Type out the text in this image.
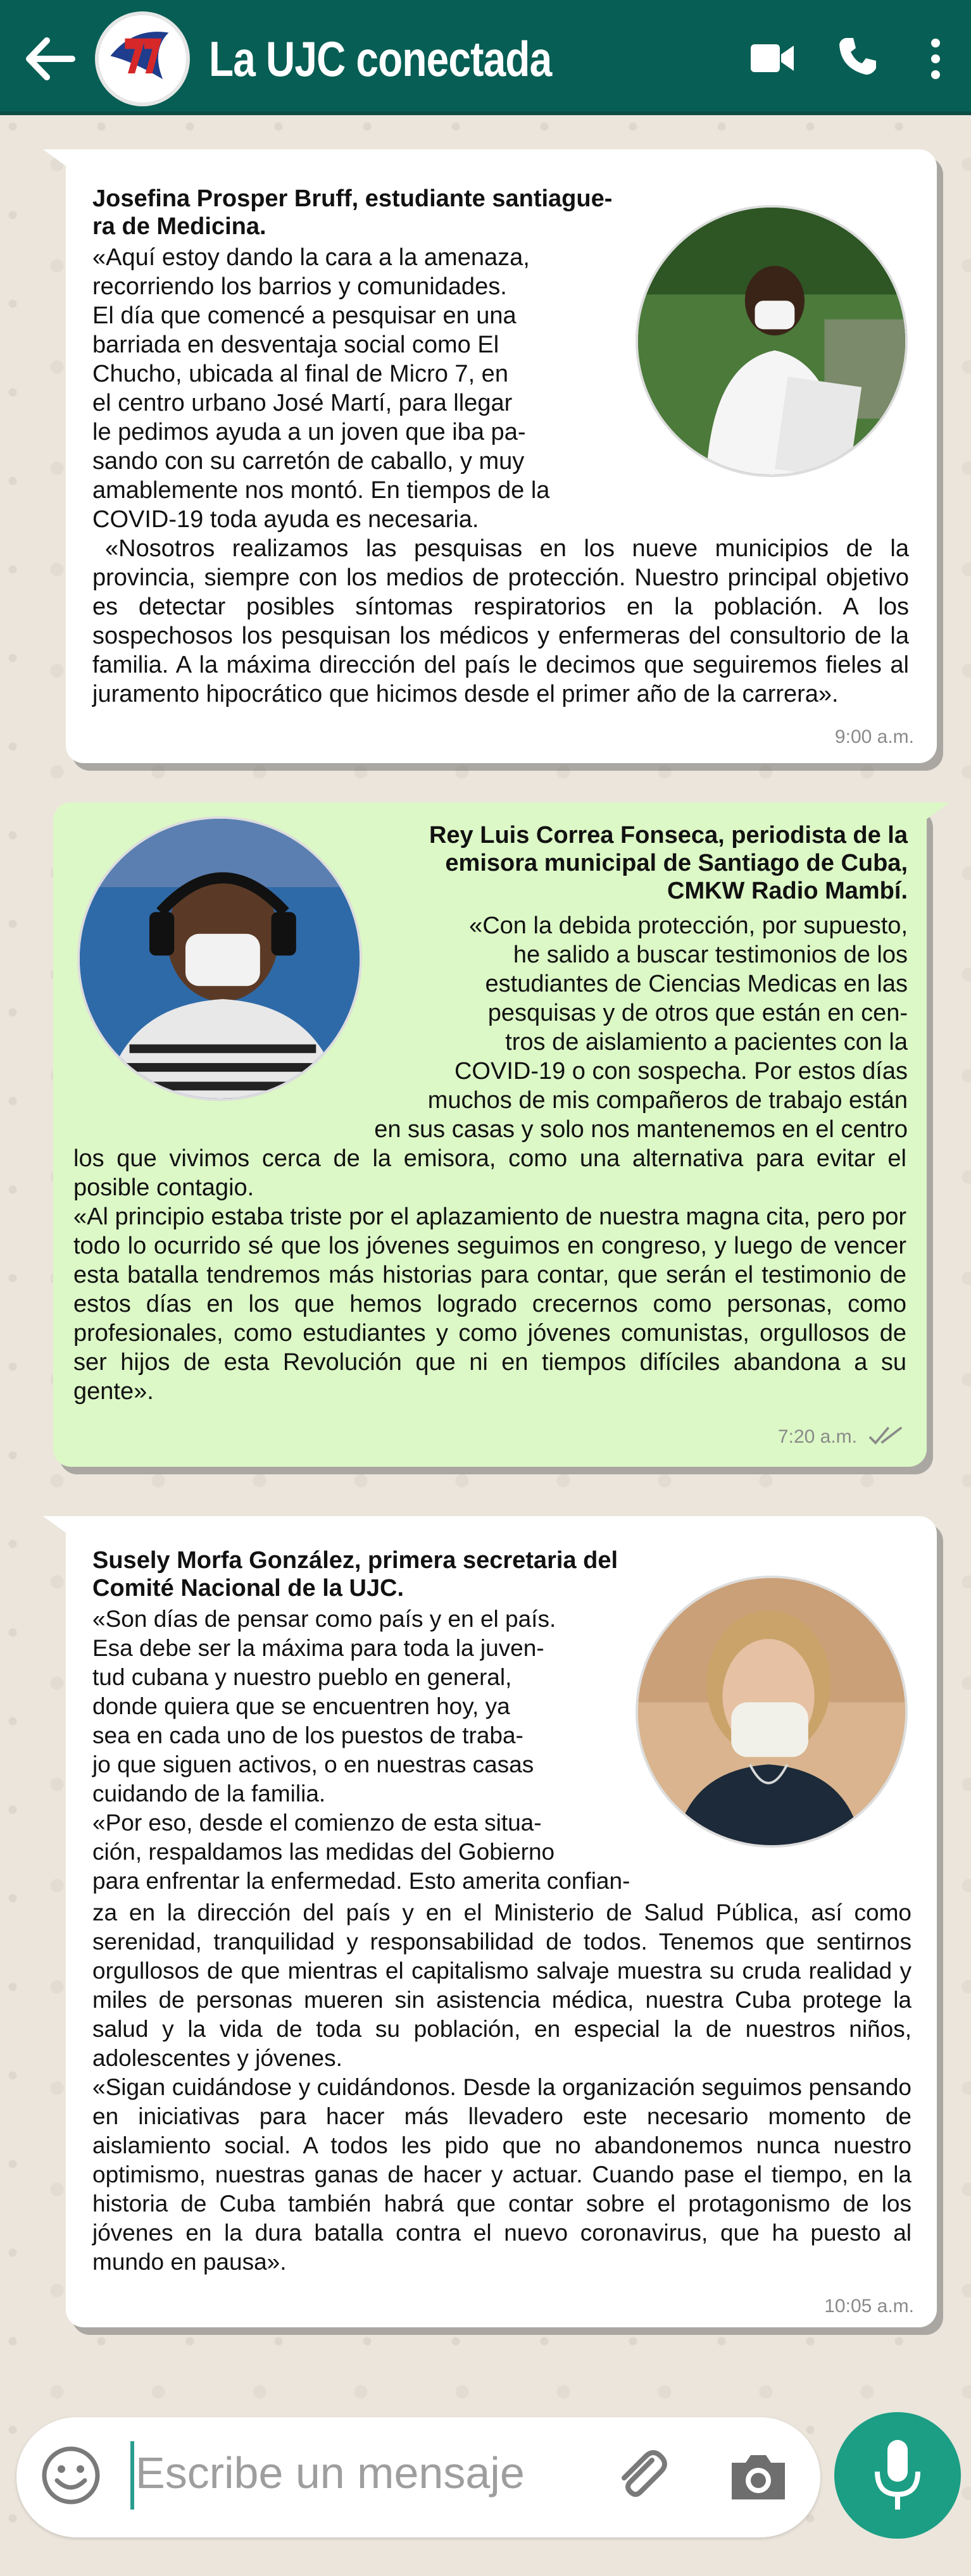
La UJC conectada
Josefina Prosper Bruff, estudiante santiague-
ra de Medicina.
«Aquí estoy dando la cara a la amenaza,
recorriendo los barrios y comunidades.
El día que comencé a pesquisar en una
barriada en desventaja social como El
Chucho, ubicada al final de Micro 7, en
el centro urbano José Martí, para llegar
le pedimos ayuda a un joven que iba pa-
sando con su carretón de caballo, y muy
amablemente nos montó. En tiempos de la
COVID-19 toda ayuda es necesaria.
«Nosotros realizamos las pesquisas en los nueve municipios de la provincia, siempre con los medios de protección. Nuestro principal objetivo es detectar posibles síntomas respiratorios en la población. A los sospechosos los pesquisan los médicos y enfermeras del consultorio de la familia. A la máxima dirección del país le decimos que seguiremos fieles al juramento hipocrático que hicimos desde el primer año de la carrera».
9:00 a.m.
Rey Luis Correa Fonseca, periodista de la
emisora municipal de Santiago de Cuba,
CMKW Radio Mambí.
«Con la debida protección, por supuesto,
he salido a buscar testimonios de los
estudiantes de Ciencias Medicas en las
pesquisas y de otros que están en cen-
tros de aislamiento a pacientes con la
COVID-19 o con sospecha. Por estos días
muchos de mis compañeros de trabajo están
en sus casas y solo nos mantenemos en el centro
los que vivimos cerca de la emisora, como una alternativa para evitar el posible contagio.
«Al principio estaba triste por el aplazamiento de nuestra magna cita, pero por todo lo ocurrido sé que los jóvenes seguimos en congreso, y luego de vencer esta batalla tendremos más historias para contar, que serán el testimonio de estos días en los que hemos logrado crecernos como personas, como profesionales, como estudiantes y como jóvenes comunistas, orgullosos de ser hijos de esta Revolución que ni en tiempos difíciles abandona a su gente».
7:20 a.m.
Susely Morfa González, primera secretaria del
Comité Nacional de la UJC.
«Son días de pensar como país y en el país.
Esa debe ser la máxima para toda la juven-
tud cubana y nuestro pueblo en general,
donde quiera que se encuentren hoy, ya
sea en cada uno de los puestos de traba-
jo que siguen activos, o en nuestras casas
cuidando de la familia.
«Por eso, desde el comienzo de esta situa-
ción, respaldamos las medidas del Gobierno
para enfrentar la enfermedad. Esto amerita confian-
za en la dirección del país y en el Ministerio de Salud Pública, así como serenidad, tranquilidad y responsabilidad de todos. Tenemos que sentirnos orgullosos de que mientras el capitalismo salvaje muestra su cruda realidad y miles de personas mueren sin asistencia médica, nuestra Cuba protege la salud y la vida de toda su población, en especial la de nuestros niños, adolescentes y jóvenes.
«Sigan cuidándose y cuidándonos. Desde la organización seguimos pensando en iniciativas para hacer más llevadero este necesario momento de aislamiento social. A todos les pido que no abandonemos nunca nuestro optimismo, nuestras ganas de hacer y actuar. Cuando pase el tiempo, en la historia de Cuba también habrá que contar sobre el protagonismo de los jóvenes en la dura batalla contra el nuevo coronavirus, que ha puesto al mundo en pausa».
10:05 a.m.
Escribe un mensaje
